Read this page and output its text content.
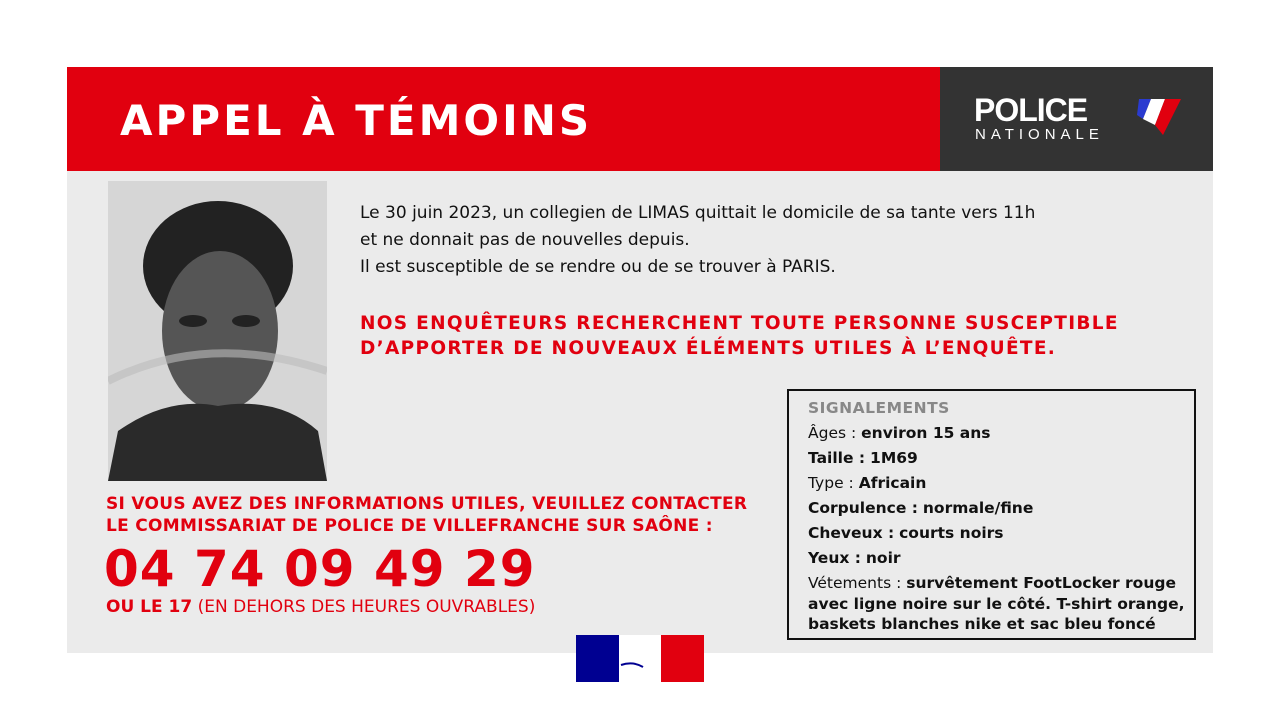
APPEL À TÉMOINS	POLICE
NATIONALE
Le 30 juin 2023, un collegien de LIMAS quittait le domicile de sa tante vers 11h
et ne donnait pas de nouvelles depuis.
Il est susceptible de se rendre ou de se trouver à PARIS.
NOS ENQUÊTEURS RECHERCHENT TOUTE PERSONNE SUSCEPTIBLE
D’APPORTER DE NOUVEAUX ÉLÉMENTS UTILES À L’ENQUÊTE.
SIGNALEMENTS
Âges : environ 15 ans
Taille : 1M69
Type : Africain
Corpulence : normale/fine
Cheveux : courts noirs
Yeux : noir
Vétements : survêtement FootLocker rouge avec ligne noire sur le côté. T-shirt orange, baskets blanches nike et sac bleu foncé
SI VOUS AVEZ DES INFORMATIONS UTILES, VEUILLEZ CONTACTER
LE COMMISSARIAT DE POLICE DE VILLEFRANCHE SUR SAÔNE :
04 74 09 49 29
OU LE 17 (EN DEHORS DES HEURES OUVRABLES)
